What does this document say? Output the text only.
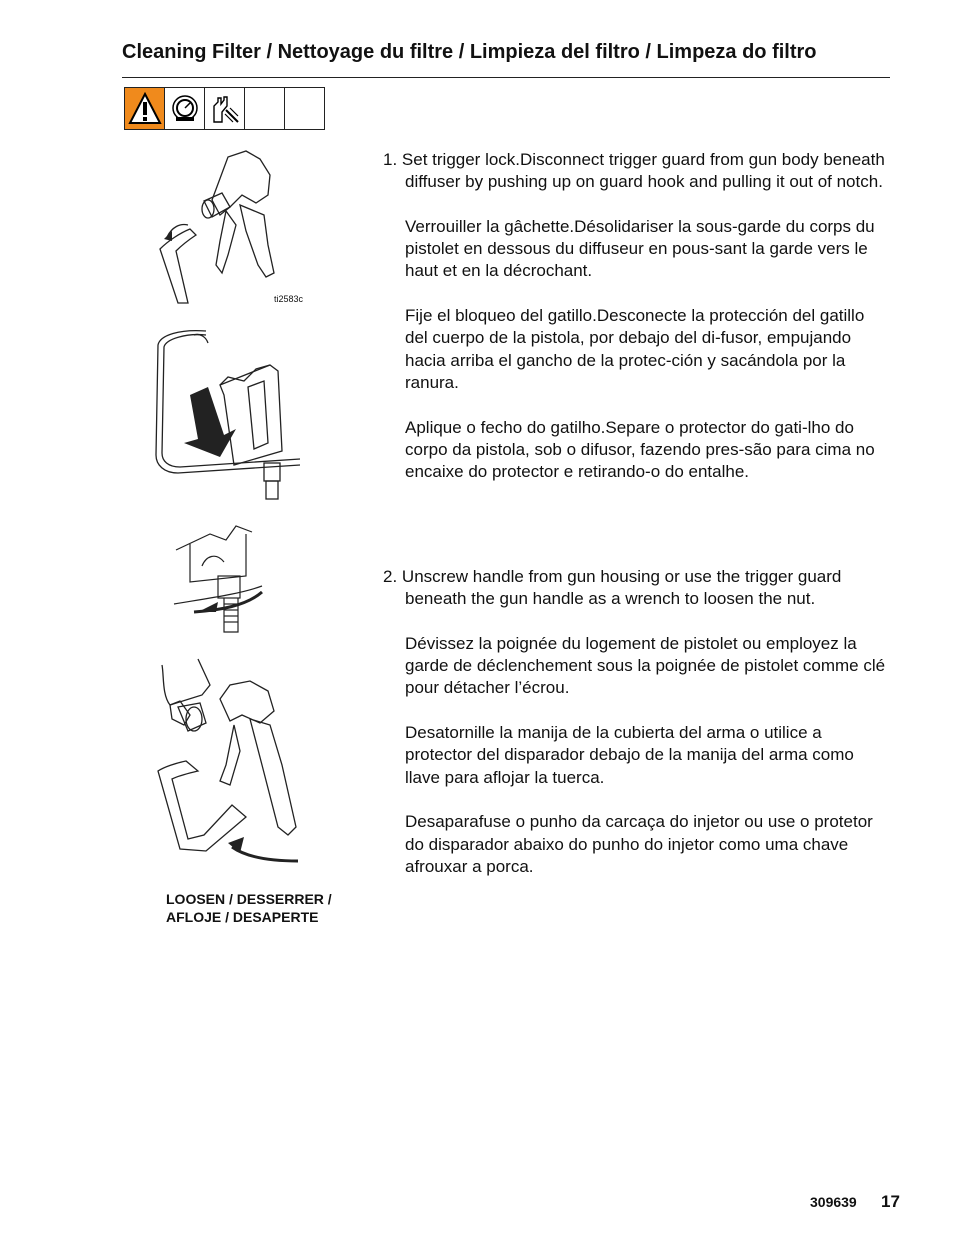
Cleaning Filter / Nettoyage du filtre / Limpieza del filtro / Limpeza do filtro
ti2583c
LOOSEN / DESSERRER /
AFLOJE / DESAPERTE

1. Set trigger lock.Disconnect trigger guard from gun body beneath diffuser by pushing up on guard hook and pulling it out of notch.

Verrouiller la gâchette.Désolidariser la sous-garde du corps du pistolet en dessous du diffuseur en pous-sant la garde vers le haut et en la décrochant.

Fije el bloqueo del gatillo.Desconecte la protección del gatillo del cuerpo de la pistola, por debajo del di-fusor, empujando hacia arriba el gancho de la protec-ción y sacándola por la ranura.

Aplique o fecho do gatilho.Separe o protector do gati-lho do corpo da pistola, sob o difusor, fazendo pres-são para cima no encaixe do protector e retirando-o do entalhe.

2. Unscrew handle from gun housing or use the trigger guard beneath the gun handle as a wrench to loosen the nut.

Dévissez la poignée du logement de pistolet ou employez la garde de déclenchement sous la poignée de pistolet comme clé pour détacher l’écrou.

Desatornille la manija de la cubierta del arma o utilice a protector del disparador debajo de la manija del arma como llave para aflojar la tuerca.

Desaparafuse o punho da carcaça do injetor ou use o protetor do disparador abaixo do punho do injetor como uma chave afrouxar a porca.

309639 17
